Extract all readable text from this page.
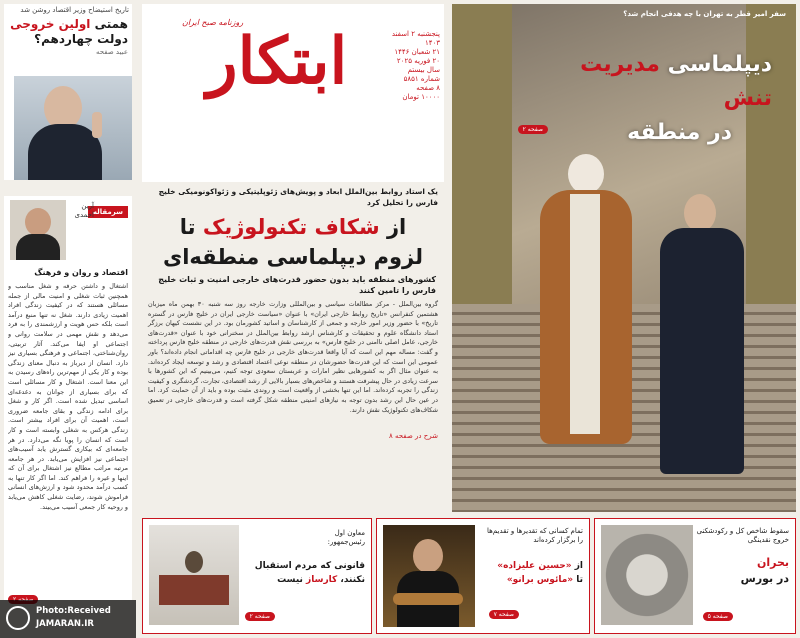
تاریخ استیضاح وزیر اقتصاد روشن شد
همتی اولین خروجی
دولت چهاردهم؟
عبید صفحه
سرمقاله
آرین احمدی
اقتصاد و روان و فرهنگ
اشتغال و داشتن حرفه و شغل مناسب و همچنین ثبات شغلی و امنیت مالی از جمله مسائلی هستند که در کیفیت زندگی افراد اهمیت زیادی دارند. شغل نه تنها منبع درآمد است بلکه حس هویت و ارزشمندی را به فرد می‌دهد و نقش مهمی در سلامت روانی و اجتماعی او ایفا می‌کند. آثار تربیتی، روان‌شناختی، اجتماعی و فرهنگی بسیاری نیز دارد. انسان از دیرباز به دنبال معنای زندگی بوده و کار یکی از مهم‌ترین راه‌های رسیدن به این معنا است. اشتغال و کار مسائلی است که برای بسیاری از جوانان به دغدغه‌ای اساسی تبدیل شده است. اگر کار و شغل برای ادامه زندگی و بقای جامعه ضروری است، اهمیت آن برای افراد بیشتر است. زندگی هرکس به شغلی وابسته است و کار است که انسان را پویا نگه می‌دارد. در هر جامعه‌ای که بیکاری گسترش یابد آسیب‌های اجتماعی نیز افزایش می‌یابد. در هر جامعه مرتبه مراتب مطالع نیز اشتغال برای آن که اینها و غیره را فراهم کند. اما اگر کار تنها به کسب درآمد محدود شود و ارزش‌های انسانی فراموش شوند، رضایت شغلی کاهش می‌یابد و روحیه کار جمعی آسیب می‌بیند.
ابتکار
روزنامه صبح ایران
پنجشنبه ۲ اسفند ۱۴۰۳
۲۱ شعبان ۱۴۴۶
۲۰ فوریه ۲۰۲۵
سال بیستم
شماره ۵۸۵۱
۸ صفحه
۱۰۰۰۰ تومان
یک استاد روابط بین‌الملل ابعاد و پویش‌های ژئوپلیتیکی و ژئواکونومیکی خلیج فارس را تحلیل کرد
از شکاف تکنولوژیک تا
لزوم دیپلماسی منطقه‌ای
کشورهای منطقه باید بدون حضور قدرت‌های خارجی امنیت و ثبات خلیج فارس را تامین کنند
گروه بین‌الملل - مرکز مطالعات سیاسی و بین‌المللی وزارت خارجه روز سه شنبه ۳۰ بهمن ماه میزبان هشتمین کنفرانس «تاریخ روابط خارجی ایران» با عنوان «سیاست خارجی ایران در خلیج فارس در گستره تاریخ» با حضور وزیر امور خارجه و جمعی از کارشناسان و اساتید کشورمان بود. در این نشست کیهان برزگر استاد دانشگاه علوم و تحقیقات و کارشناس ارشد روابط بین‌الملل در سخنرانی خود با عنوان «قدرت‌های خارجی، عامل اصلی ناامنی در خلیج فارس» به بررسی نقش قدرت‌های خارجی در منطقه خلیج فارس پرداخته و گفت: مساله مهم این است که آیا واقعا قدرت‌های خارجی در خلیج فارس چه اقداماتی انجام داده‌اند؟ باور عمومی این است که این قدرت‌ها حضورشان در منطقه نوعی اعتماد اقتصادی و رشد و توسعه ایجاد کرده‌اند. به عنوان مثال اگر به کشورهایی نظیر امارات و عربستان سعودی توجه کنیم، می‌بینیم که این کشورها با سرعت زیادی در حال پیشرفت هستند و شاخص‌های بسیار بالایی از رشد اقتصادی، تجارت، گردشگری و کیفیت زندگی را تجربه کرده‌اند. اما این تنها بخشی از واقعیت است و روندی مثبت بوده و باید از آن حمایت کرد. اما در عین حال این رشد بدون توجه به نیازهای امنیتی منطقه شکل گرفته است و قدرت‌های خارجی در تعمیق شکاف‌های تکنولوژیک نقش دارند.
شرح در صفحه ۸
سفر امیر قطر به تهران با چه هدفی انجام شد؟
دیپلماسی مدیریت تنش
در منطقه
صفحه ۲
سقوط شاخص کل و رکودشکنی خروج نقدینگی
بحران
در بورس
صفحه ۵
تمام کسانی که تقدیرها و تقدیم‌ها را برگزار کرده‌اند
از «حسین علیزاده»
تا «مائوس برانو»
صفحه ۷
معاون اول رئیس‌جمهور:
قانونی که مردم استقبال
نکنند، کارساز نیست
صفحه ۲
Photo:Received
JAMARAN.IR
